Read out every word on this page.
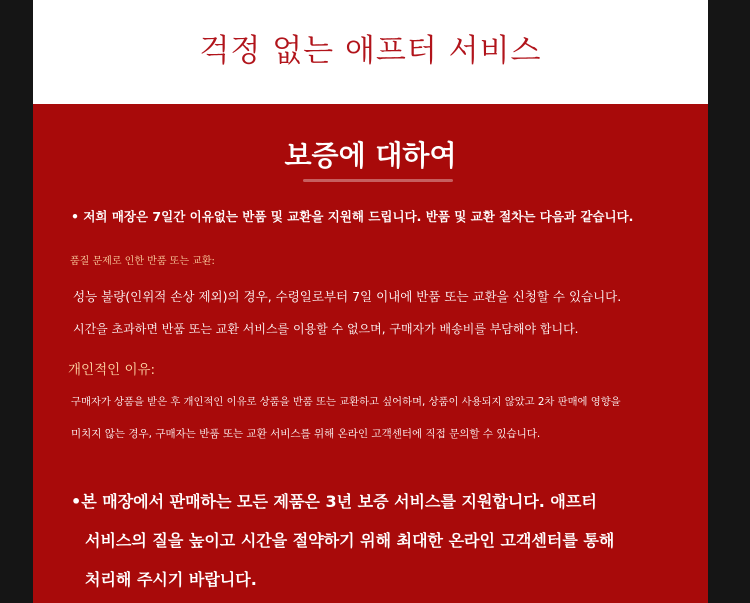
걱정 없는 애프터 서비스
보증에 대하여
• 저희 매장은 7일간 이유없는 반품 및 교환을 지원해 드립니다. 반품 및 교환 절차는 다음과 같습니다.
품질 문제로 인한 반품 또는 교환:
성능 불량(인위적 손상 제외)의 경우, 수령일로부터 7일 이내에 반품 또는 교환을 신청할 수 있습니다.
시간을 초과하면 반품 또는 교환 서비스를 이용할 수 없으며, 구매자가 배송비를 부담해야 합니다.
개인적인 이유:
구매자가 상품을 받은 후 개인적인 이유로 상품을 반품 또는 교환하고 싶어하며, 상품이 사용되지 않았고 2차 판매에 영향을
미치지 않는 경우, 구매자는 반품 또는 교환 서비스를 위해 온라인 고객센터에 직접 문의할 수 있습니다.
•본 매장에서 판매하는 모든 제품은 3년 보증 서비스를 지원합니다. 애프터
서비스의 질을 높이고 시간을 절약하기 위해 최대한 온라인 고객센터를 통해
처리해 주시기 바랍니다.
